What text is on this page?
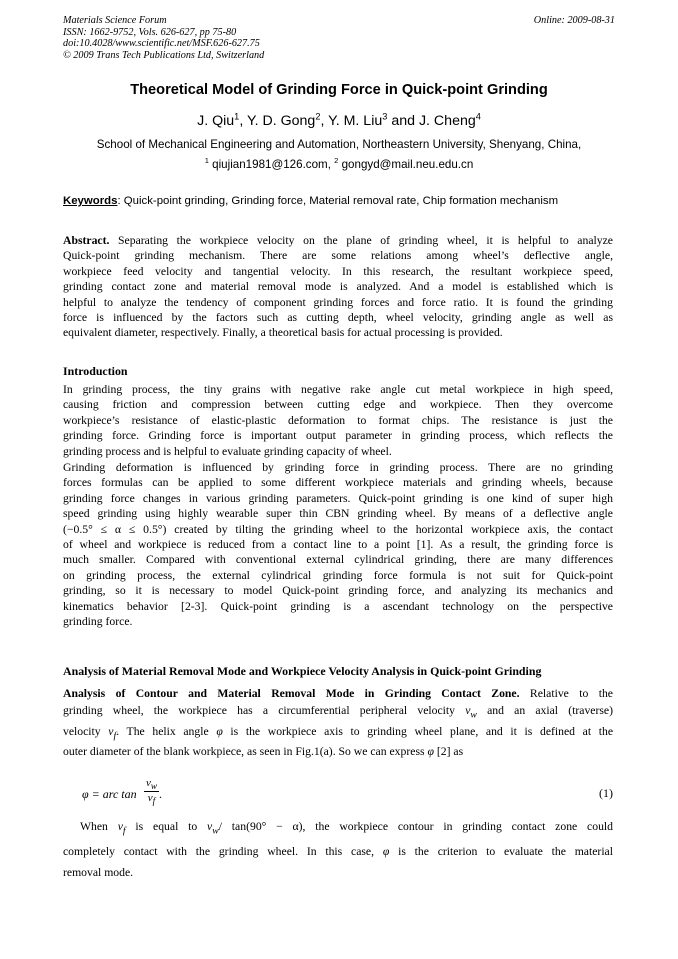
Materials Science Forum
ISSN: 1662-9752, Vols. 626-627, pp 75-80
doi:10.4028/www.scientific.net/MSF.626-627.75
© 2009 Trans Tech Publications Ltd, Switzerland
Online: 2009-08-31
Theoretical Model of Grinding Force in Quick-point Grinding
J. Qiu$^1$, Y. D. Gong$^2$, Y. M. Liu$^3$ and J. Cheng$^4$
School of Mechanical Engineering and Automation, Northeastern University, Shenyang, China,
$^1$ qiujian1981@126.com, $^2$ gongyd@mail.neu.edu.cn
Keywords: Quick-point grinding, Grinding force, Material removal rate, Chip formation mechanism
Abstract. Separating the workpiece velocity on the plane of grinding wheel, it is helpful to analyze
Quick-point grinding mechanism. There are some relations among wheel’s deflective angle,
workpiece feed velocity and tangential velocity. In this research, the resultant workpiece speed,
grinding contact zone and material removal mode is analyzed. And a model is established which is
helpful to analyze the tendency of component grinding forces and force ratio. It is found the grinding
force is influenced by the factors such as cutting depth, wheel velocity, grinding angle as well as
equivalent diameter, respectively. Finally, a theoretical basis for actual processing is provided.
Introduction
In grinding process, the tiny grains with negative rake angle cut metal workpiece in high speed,
causing friction and compression between cutting edge and workpiece. Then they overcome
workpiece’s resistance of elastic-plastic deformation to format chips. The resistance is just the
grinding force. Grinding force is important output parameter in grinding process, which reflects the
grinding process and is helpful to evaluate grinding capacity of wheel.
Grinding deformation is influenced by grinding force in grinding process. There are no grinding
forces formulas can be applied to some different workpiece materials and grinding wheels, because
grinding force changes in various grinding parameters. Quick-point grinding is one kind of super high
speed grinding using highly wearable super thin CBN grinding wheel. By means of a deflective angle
(−0.5° ≤ α ≤ 0.5°) created by tilting the grinding wheel to the horizontal workpiece axis, the contact
of wheel and workpiece is reduced from a contact line to a point [1]. As a result, the grinding force is
much smaller. Compared with conventional external cylindrical grinding, there are many differences
on grinding process, the external cylindrical grinding force formula is not suit for Quick-point
grinding, so it is necessary to model Quick-point grinding force, and analyzing its mechanics and
kinematics behavior [2-3]. Quick-point grinding is a ascendant technology on the perspective
grinding force.
Analysis of Material Removal Mode and Workpiece Velocity Analysis in Quick-point Grinding
Analysis of Contour and Material Removal Mode in Grinding Contact Zone. Relative to the
grinding wheel, the workpiece has a circumferential peripheral velocity $v_w$ and an axial (traverse)
velocity $v_f$. The helix angle φ is the workpiece axis to grinding wheel plane, and it is defined at the
outer diameter of the blank workpiece, as seen in Fig.1(a). So we can express φ [2] as
φ = arc $\tan \frac{v_w}{v_f}$ .	(1)
When $v_f$ is equal to $v_w/$ tan(90° − α), the workpiece contour in grinding contact zone could
completely contact with the grinding wheel. In this case, φ is the criterion to evaluate the material
removal mode.
